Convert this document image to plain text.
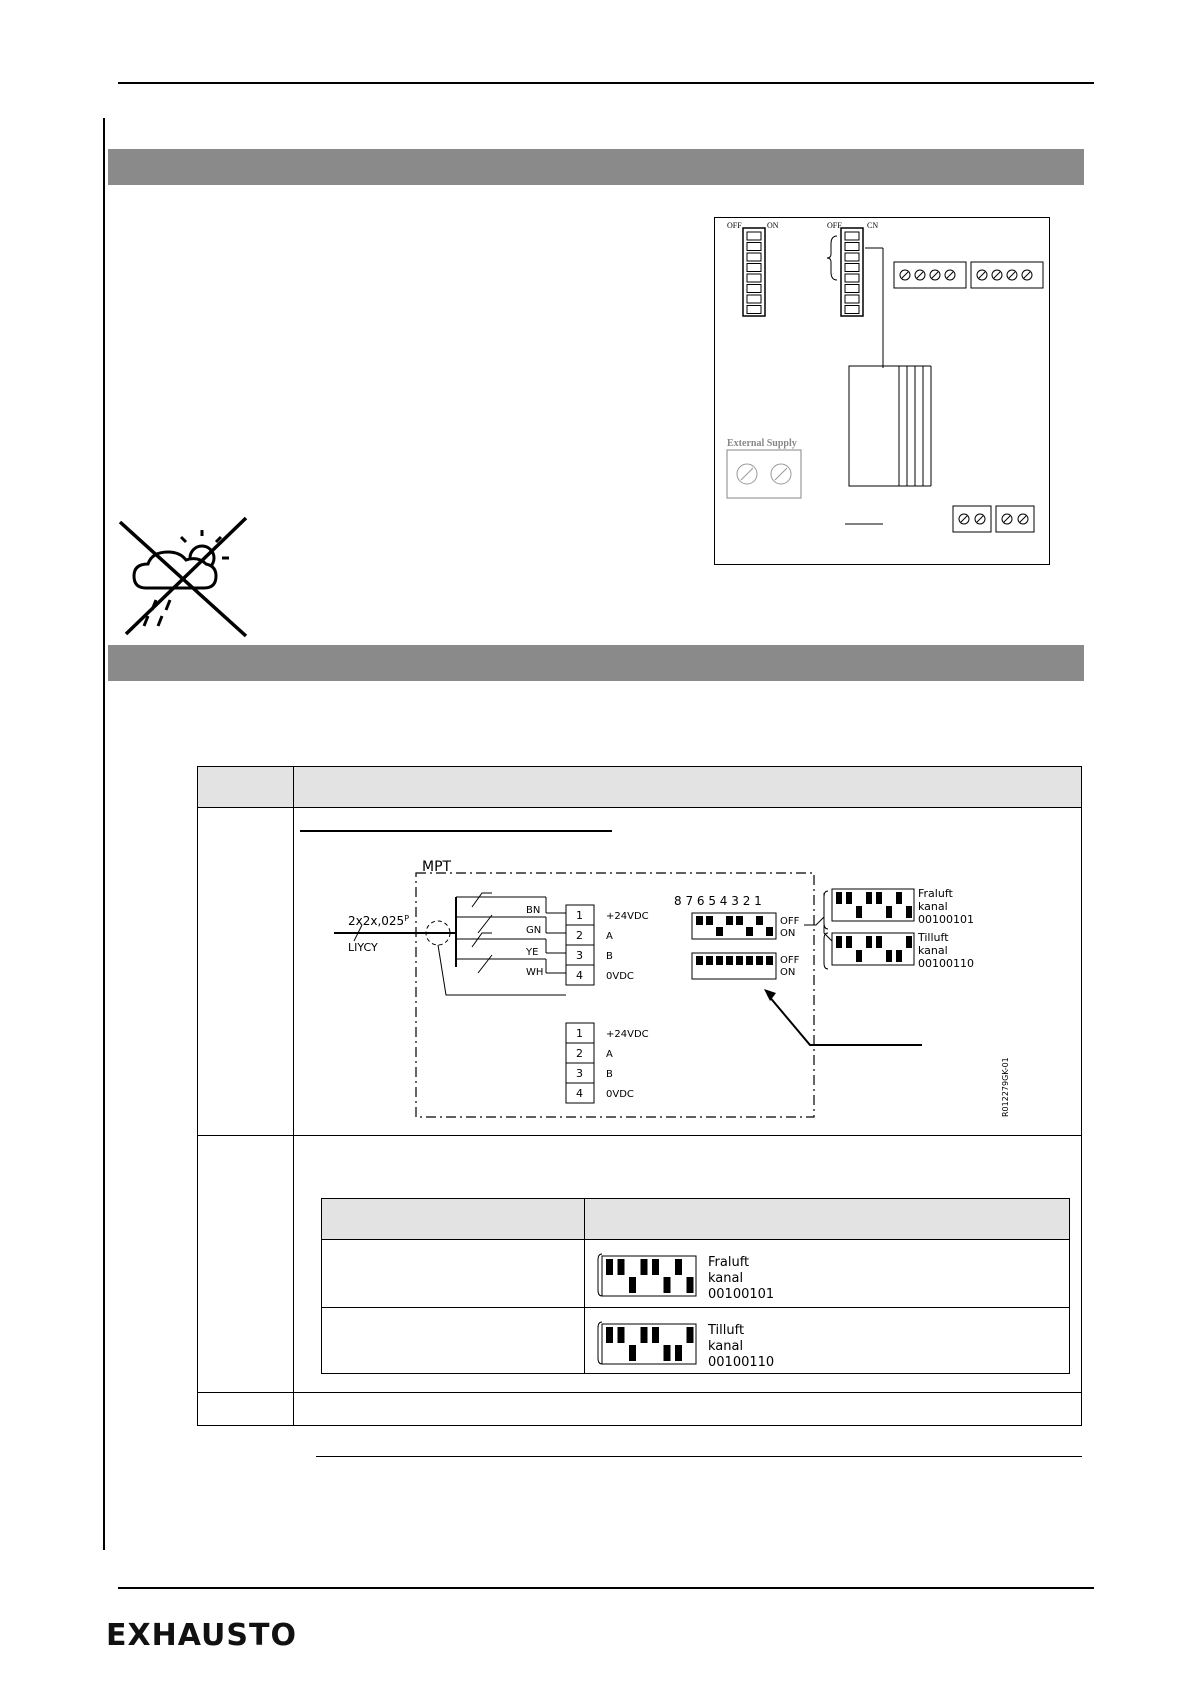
OFF	ON	OFF	CN
External Supply
MPT
$2x2x,025^P$
LIYCY
BN
GN
YE
WH
1 +24VDC
2 A
3 B
4 0VDC
1 +24VDC
2 A
3 B
4 0VDC
8 7 6 5 4 3 2 1
OFF
ON
OFF
ON
Fraluft
kanal
00100101
Tilluft
kanal
00100110
R012279GK-01
Fraluft
kanal
00100101
Tilluft
kanal
00100110
EXHAUSTO
